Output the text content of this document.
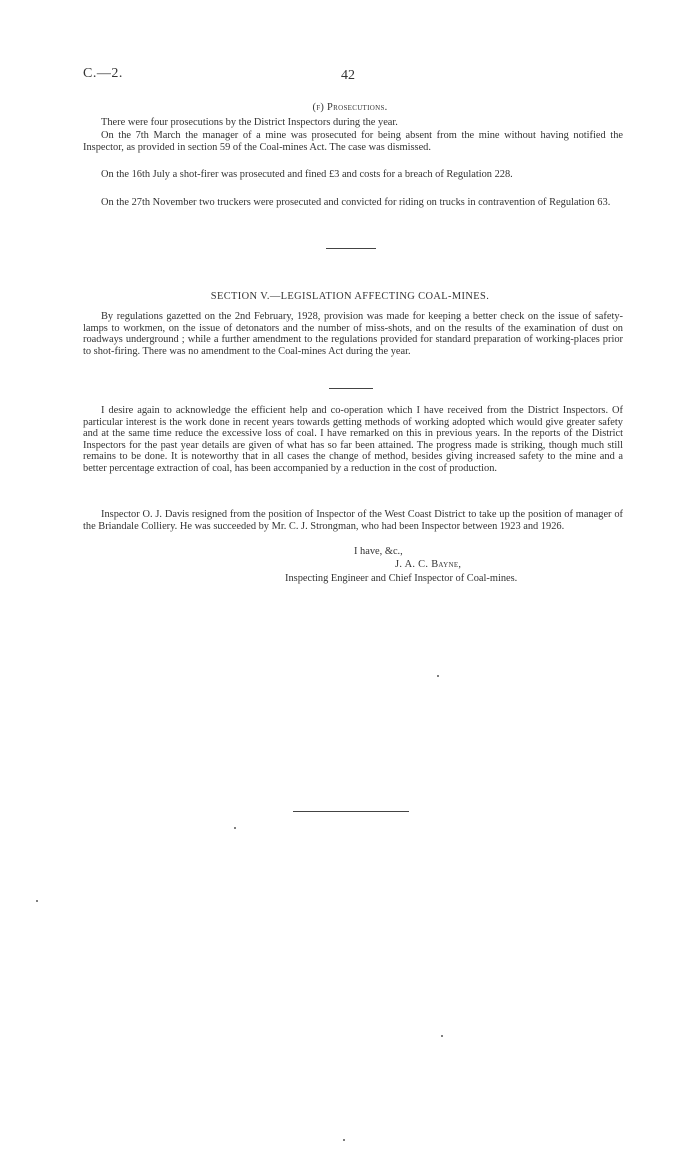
C.—2.	42
(f) Prosecutions.

There were four prosecutions by the District Inspectors during the year.

On the 7th March the manager of a mine was prosecuted for being absent from the mine without having notified the Inspector, as provided in section 59 of the Coal-mines Act. The case was dismissed.

On the 16th July a shot-firer was prosecuted and fined £3 and costs for a breach of Regulation 228.

On the 27th November two truckers were prosecuted and convicted for riding on trucks in contravention of Regulation 63.

SECTION V.—LEGISLATION AFFECTING COAL-MINES.

By regulations gazetted on the 2nd February, 1928, provision was made for keeping a better check on the issue of safety-lamps to workmen, on the issue of detonators and the number of miss-shots, and on the results of the examination of dust on roadways underground ; while a further amendment to the regulations provided for standard preparation of working-places prior to shot-firing. There was no amendment to the Coal-mines Act during the year.

I desire again to acknowledge the efficient help and co-operation which I have received from the District Inspectors. Of particular interest is the work done in recent years towards getting methods of working adopted which would give greater safety and at the same time reduce the excessive loss of coal. I have remarked on this in previous years. In the reports of the District Inspectors for the past year details are given of what has so far been attained. The progress made is striking, though much still remains to be done. It is noteworthy that in all cases the change of method, besides giving increased safety to the mine and a better percentage extraction of coal, has been accompanied by a reduction in the cost of production.

Inspector O. J. Davis resigned from the position of Inspector of the West Coast District to take up the position of manager of the Briandale Colliery. He was succeeded by Mr. C. J. Strongman, who had been Inspector between 1923 and 1926.

I have, &c.,
J. A. C. Bayne,
Inspecting Engineer and Chief Inspector of Coal-mines.
